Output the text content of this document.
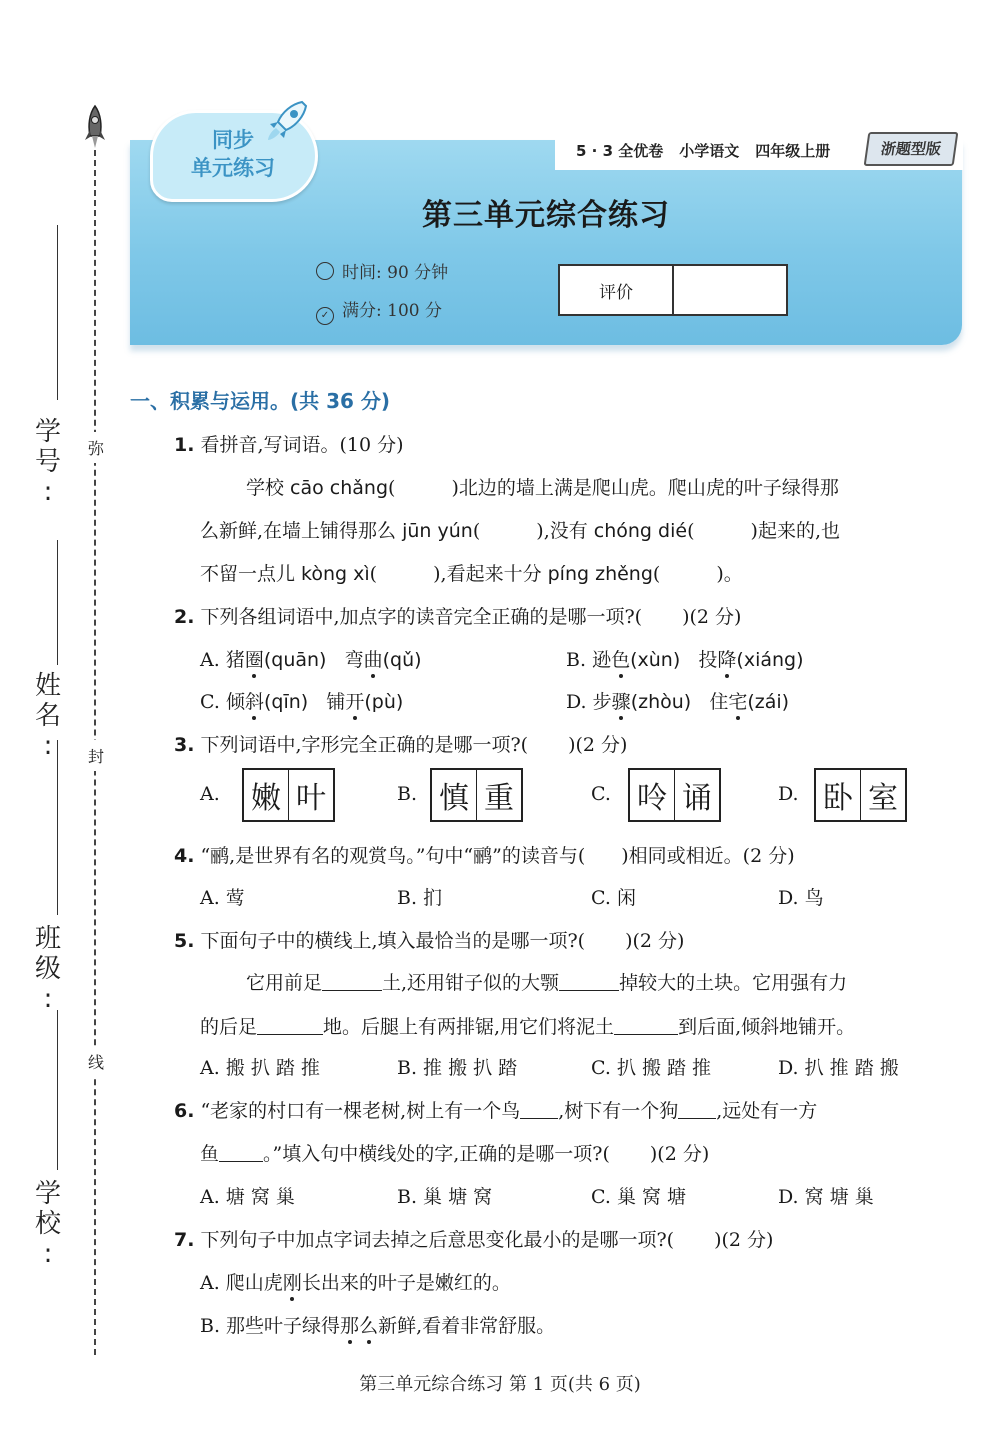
弥
封
线
学号
:
姓名
:
班级
:
学校
:
5 · 3 全优卷 小学语文 四年级上册	浙题型版
同步
单元练习
第三单元综合练习
时间: 90 分钟
✓ 满分: 100 分
评价
一、积累与运用。(共 36 分)
1. 看拼音,写词语。(10 分)
学校 cāo chǎng(	)北边的墙上满是爬山虎。爬山虎的叶子绿得那
么新鲜,在墙上铺得那么 jūn yún(	),没有 chóng dié(	)起来的,也
不留一点儿 kòng xì(	),看起来十分 píng zhěng(	)。
2. 下列各组词语中,加点字的读音完全正确的是哪一项?( )(2 分)
A. 猪圈(quān) 弯曲(qǔ)	B. 逊色(xùn) 投降(xiáng)
C. 倾斜(qīn) 铺开(pù)	D. 步骤(zhòu) 住宅(zái)
3. 下列词语中,字形完全正确的是哪一项?( )(2 分)
A. 嫩 叶	B. 慎 重	C. 呤 诵	D. 卧 室
4. “鹂,是世界有名的观赏鸟。”句中“鹂”的读音与( )相同或相近。(2 分)
A. 莺	B. 扪	C. 闲	D. 鸟
5. 下面句子中的横线上,填入最恰当的是哪一项?( )(2 分)
它用前足	土,还用钳子似的大颚	掉较大的土块。它用强有力
的后足	地。后腿上有两排锯,用它们将泥土	到后面,倾斜地铺开。
A. 搬 扒 踏 推	B. 推 搬 扒 踏	C. 扒 搬 踏 推	D. 扒 推 踏 搬
6. “老家的村口有一棵老树,树上有一个鸟 ,树下有一个狗 ,远处有一方
鱼 。”填入句中横线处的字,正确的是哪一项?( )(2 分)
A. 塘 窝 巢	B. 巢 塘 窝	C. 巢 窝 塘	D. 窝 塘 巢
7. 下列句子中加点字词去掉之后意思变化最小的是哪一项?( )(2 分)
A. 爬山虎刚长出来的叶子是嫩红的。
B. 那些叶子绿得那么新鲜,看着非常舒服。
第三单元综合练习 第 1 页(共 6 页)
